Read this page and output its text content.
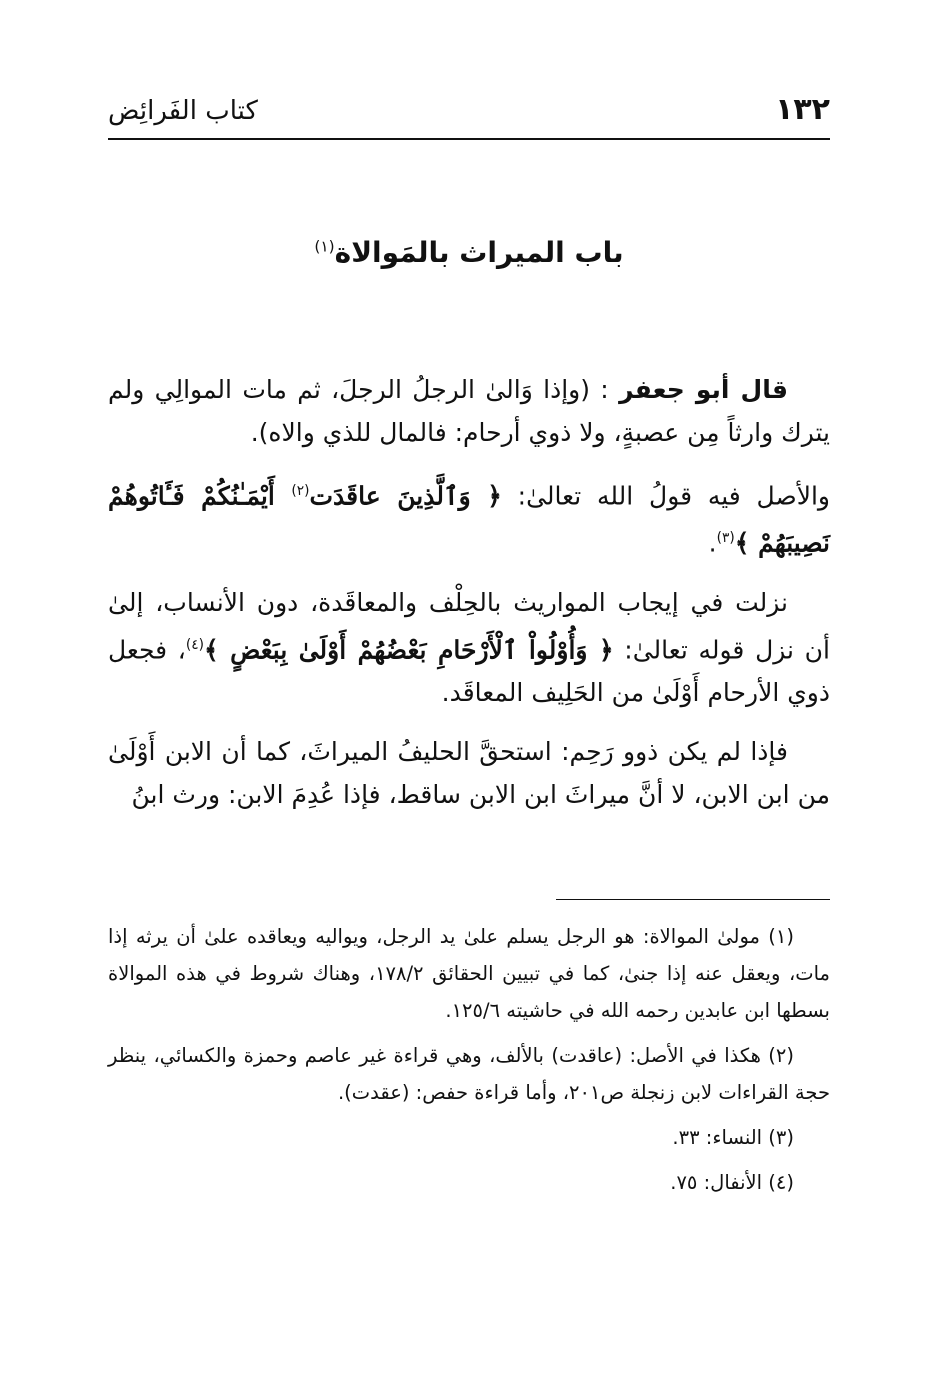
١٣٢
كتاب الفَرائِض
باب الميراث بالمَوالاة$^{(١)}$

قال أبو جعفر : (وإذا وَالىٰ الرجلُ الرجلَ، ثم مات الموالِي ولم يترك وارثاً مِن عصبةٍ، ولا ذوي أرحام: فالمال للذي والاه).

والأصل فيه قولُ الله تعالىٰ: ﴿ وَٱلَّذِينَ عاقَدَت$^{(٢)}$ أَيْمَـٰنُكُمْ فَـَٔاتُوهُمْ نَصِيبَهُمْ ﴾$^{(٣)}$.

نزلت في إيجاب المواريث بالحِلْف والمعاقَدة، دون الأنساب، إلىٰ أن نزل قوله تعالىٰ: ﴿ وَأُوْلُواْ ٱلْأَرْحَامِ بَعْضُهُمْ أَوْلَىٰ بِبَعْضٍ ﴾$^{(٤)}$، فجعل ذوي الأرحام أَوْلَىٰ من الحَلِيف المعاقَد.

فإذا لم يكن ذوو رَحِم: استحقَّ الحليفُ الميراثَ، كما أن الابن أَوْلَىٰ من ابن الابن، لا أنَّ ميراثَ ابن الابن ساقط، فإذا عُدِمَ الابن: ورث ابنُ

(١) مولىٰ الموالاة: هو الرجل يسلم علىٰ يد الرجل، ويواليه ويعاقده علىٰ أن يرثه إذا مات، ويعقل عنه إذا جنىٰ، كما في تبيين الحقائق ١٧٨/٢، وهناك شروط في هذه الموالاة بسطها ابن عابدين رحمه الله في حاشيته ١٢٥/٦.

(٢) هكذا في الأصل: (عاقدت) بالألف، وهي قراءة غير عاصم وحمزة والكسائي، ينظر حجة القراءات لابن زنجلة ص٢٠١، وأما قراءة حفص: (عقدت).

(٣) النساء: ٣٣.

(٤) الأنفال: ٧٥.
